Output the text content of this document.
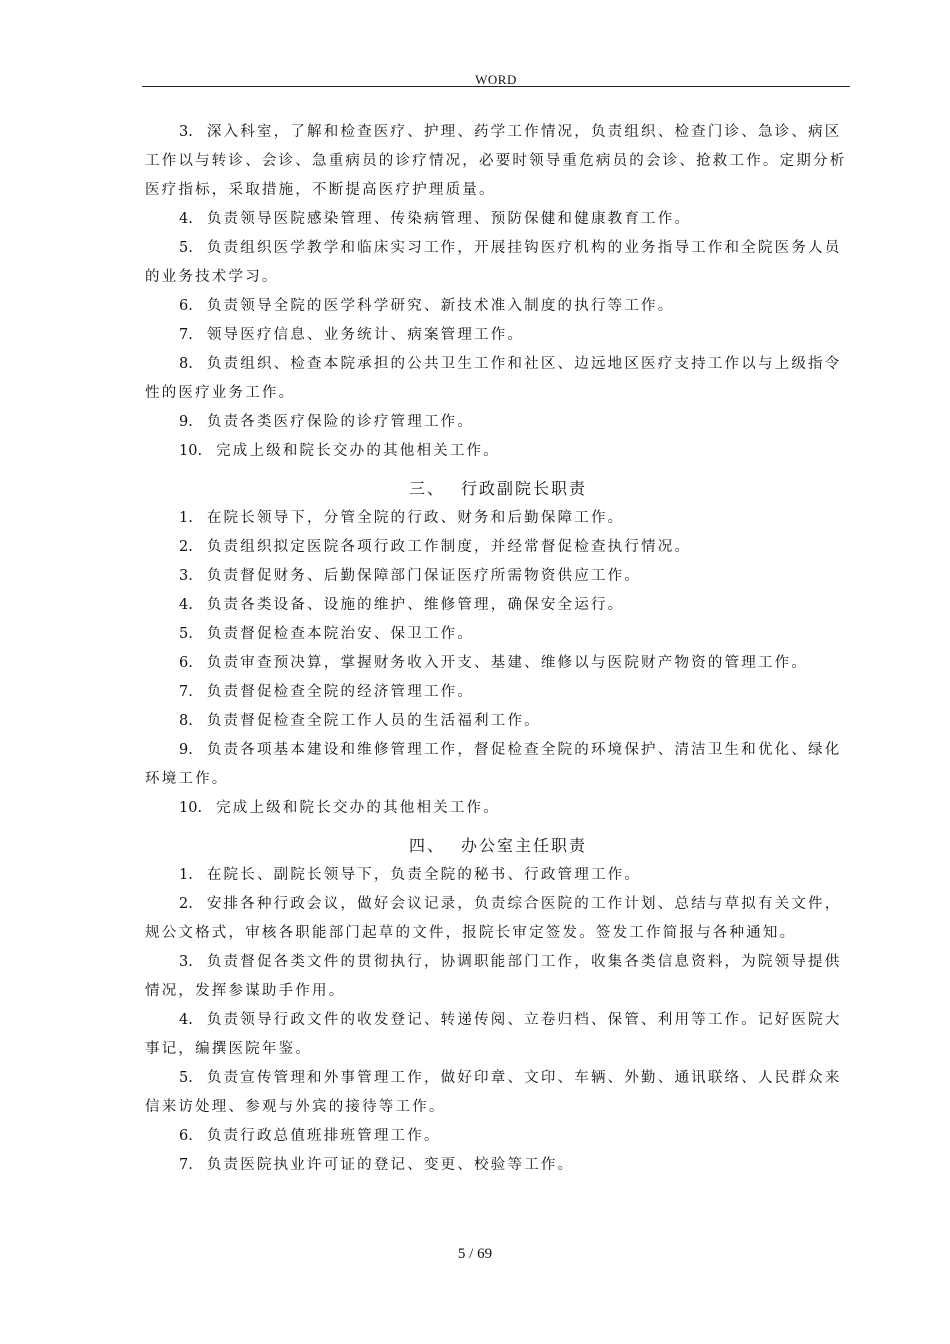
WORD

3. 深入科室，了解和检查医疗、护理、药学工作情况，负责组织、检查门诊、急诊、病区工作以与转诊、会诊、急重病员的诊疗情况，必要时领导重危病员的会诊、抢救工作。定期分析医疗指标，采取措施，不断提高医疗护理质量。

4. 负责领导医院感染管理、传染病管理、预防保健和健康教育工作。

5. 负责组织医学教学和临床实习工作，开展挂钩医疗机构的业务指导工作和全院医务人员的业务技术学习。

6. 负责领导全院的医学科学研究、新技术准入制度的执行等工作。

7. 领导医疗信息、业务统计、病案管理工作。

8. 负责组织、检查本院承担的公共卫生工作和社区、边远地区医疗支持工作以与上级指令性的医疗业务工作。

9. 负责各类医疗保险的诊疗管理工作。

10. 完成上级和院长交办的其他相关工作。

三、 行政副院长职责

1. 在院长领导下，分管全院的行政、财务和后勤保障工作。

2. 负责组织拟定医院各项行政工作制度，并经常督促检查执行情况。

3. 负责督促财务、后勤保障部门保证医疗所需物资供应工作。

4. 负责各类设备、设施的维护、维修管理，确保安全运行。

5. 负责督促检查本院治安、保卫工作。

6. 负责审查预决算，掌握财务收入开支、基建、维修以与医院财产物资的管理工作。

7. 负责督促检查全院的经济管理工作。

8. 负责督促检查全院工作人员的生活福利工作。

9. 负责各项基本建设和维修管理工作，督促检查全院的环境保护、清洁卫生和优化、绿化环境工作。

10. 完成上级和院长交办的其他相关工作。

四、 办公室主任职责

1. 在院长、副院长领导下，负责全院的秘书、行政管理工作。

2. 安排各种行政会议，做好会议记录，负责综合医院的工作计划、总结与草拟有关文件，规公文格式，审核各职能部门起草的文件，报院长审定签发。签发工作简报与各种通知。

3. 负责督促各类文件的贯彻执行，协调职能部门工作，收集各类信息资料，为院领导提供情况，发挥参谋助手作用。

4. 负责领导行政文件的收发登记、转递传阅、立卷归档、保管、利用等工作。记好医院大事记，编撰医院年鉴。

5. 负责宣传管理和外事管理工作，做好印章、文印、车辆、外勤、通讯联络、人民群众来信来访处理、参观与外宾的接待等工作。

6. 负责行政总值班排班管理工作。

7. 负责医院执业许可证的登记、变更、校验等工作。

5 / 69
